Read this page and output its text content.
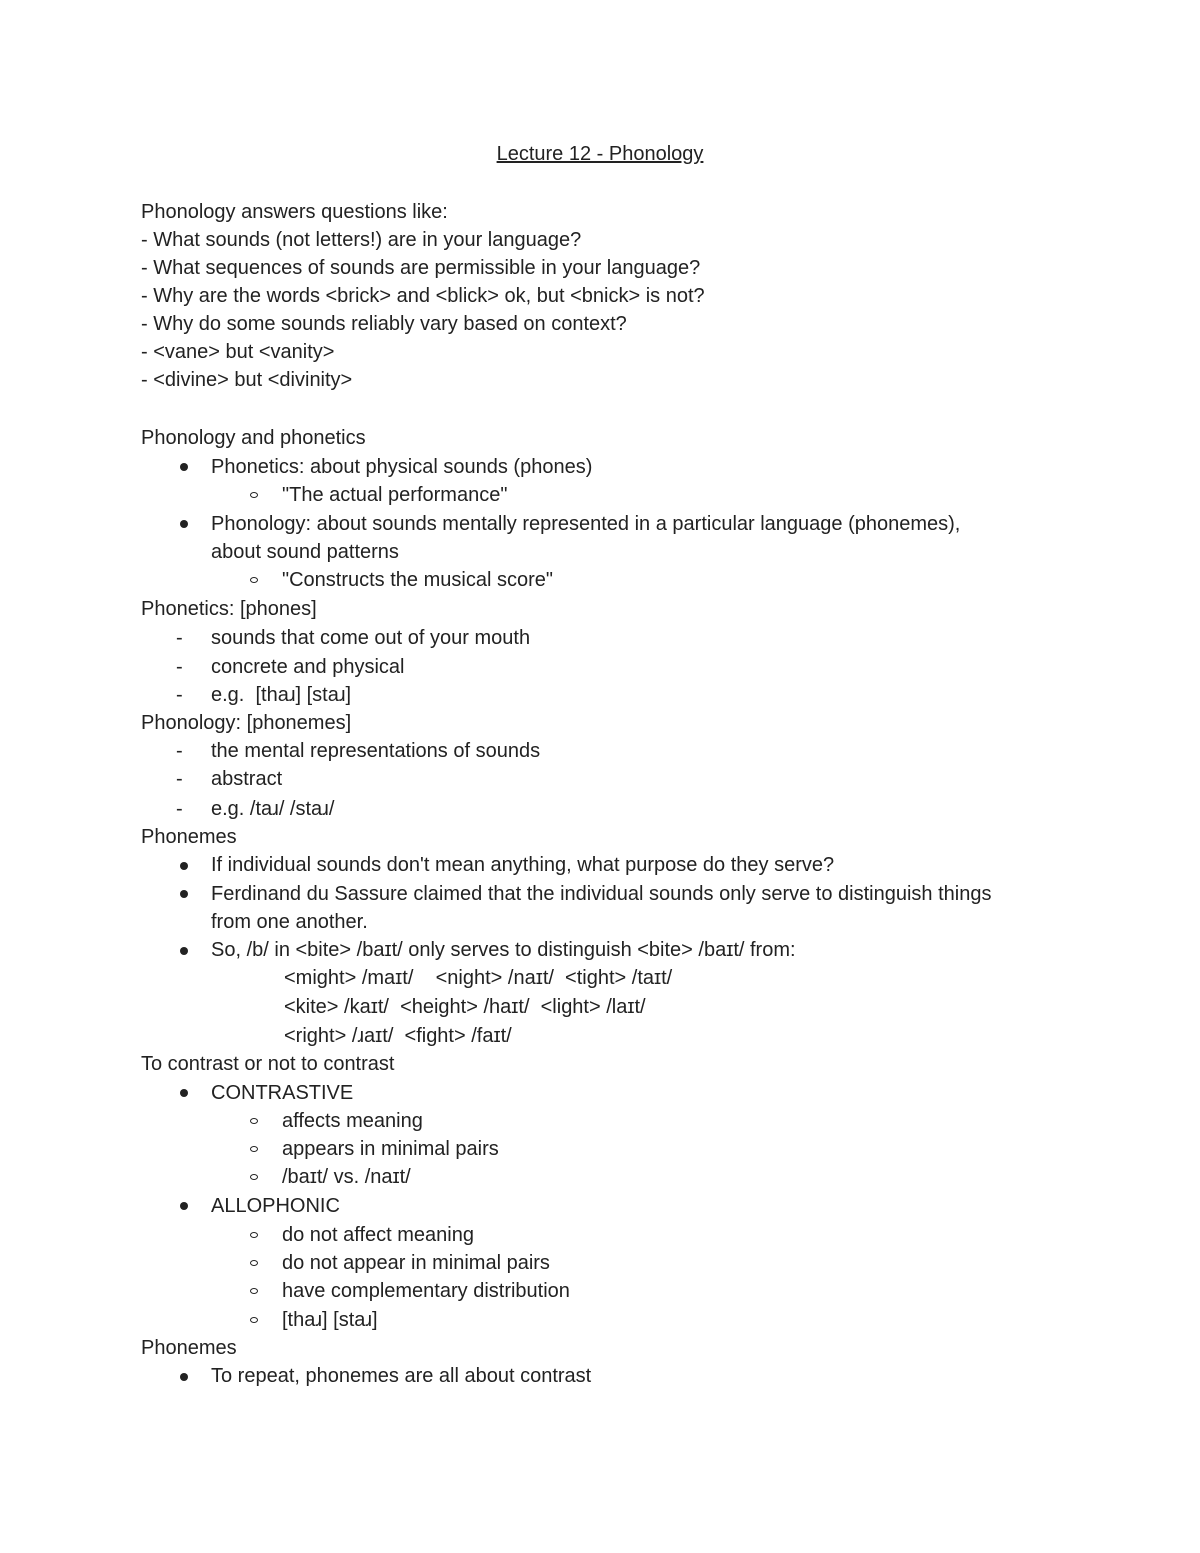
Lecture 12 - Phonology
Phonology answers questions like:
- What sounds (not letters!) are in your language?
- What sequences of sounds are permissible in your language?
- Why are the words <brick> and <blick> ok, but <bnick> is not?
- Why do some sounds reliably vary based on context?
- <vane> but <vanity>
- <divine> but <divinity>
Phonology and phonetics
Phonetics: about physical sounds (phones)
"The actual performance"
Phonology: about sounds mentally represented in a particular language (phonemes),
about sound patterns
"Constructs the musical score"
Phonetics: [phones]
- sounds that come out of your mouth
- concrete and physical
- e.g.  [thaɹ] [staɹ]
Phonology: [phonemes]
- the mental representations of sounds
- abstract
- e.g. /taɹ/ /staɹ/
Phonemes
If individual sounds don't mean anything, what purpose do they serve?
Ferdinand du Sassure claimed that the individual sounds only serve to distinguish things
from one another.
So, /b/ in <bite> /baɪt/ only serves to distinguish <bite> /baɪt/ from:
<might> /maɪt/    <night> /naɪt/  <tight> /taɪt/
<kite> /kaɪt/  <height> /haɪt/  <light> /laɪt/
<right> /ɹaɪt/  <fight> /faɪt/
To contrast or not to contrast
CONTRASTIVE
affects meaning
appears in minimal pairs
/baɪt/ vs. /naɪt/
ALLOPHONIC
do not affect meaning
do not appear in minimal pairs
have complementary distribution
[thaɹ] [staɹ]
Phonemes
To repeat, phonemes are all about contrast
